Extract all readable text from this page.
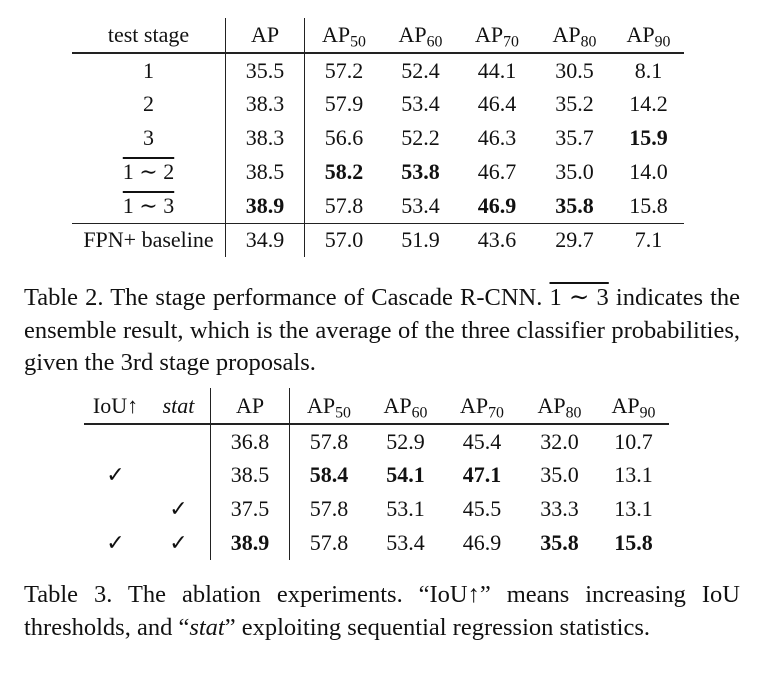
test stage	AP	$AP_{50}$	$AP_{60}$	$AP_{70}$	$AP_{80}$	$AP_{90}$
1	35.5	57.2	52.4	44.1	30.5	8.1
2	38.3	57.9	53.4	46.4	35.2	14.2
3	38.3	56.6	52.2	46.3	35.7	15.9
1 ∼ 2	38.5	58.2	53.8	46.7	35.0	14.0
1 ∼ 3	38.9	57.8	53.4	46.9	35.8	15.8
FPN+ baseline	34.9	57.0	51.9	43.6	29.7	7.1

Table 2. The stage performance of Cascade R-CNN. 1 ∼ 3 indicates the ensemble result, which is the average of the three classifier probabilities, given the 3rd stage proposals.

IoU↑	stat	AP	$AP_{50}$	$AP_{60}$	$AP_{70}$	$AP_{80}$	$AP_{90}$
		36.8	57.8	52.9	45.4	32.0	10.7
✓		38.5	58.4	54.1	47.1	35.0	13.1
	✓	37.5	57.8	53.1	45.5	33.3	13.1
✓	✓	38.9	57.8	53.4	46.9	35.8	15.8

Table 3. The ablation experiments. “IoU↑” means increasing IoU thresholds, and “stat” exploiting sequential regression statistics.
